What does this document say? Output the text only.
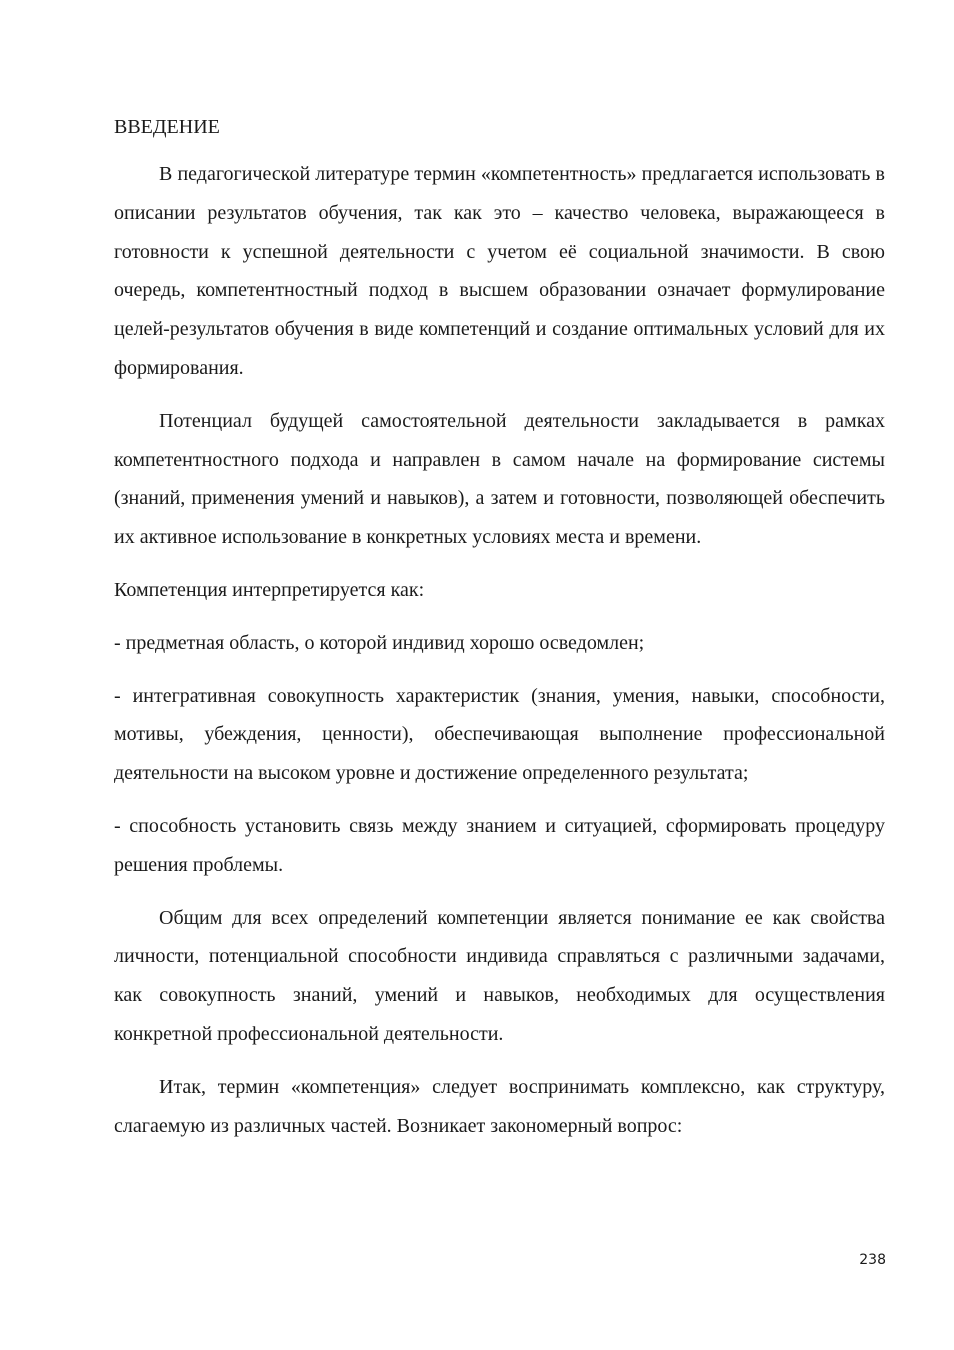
ВВЕДЕНИЕ

В педагогической литературе термин «компетентность» предлагается использовать в описании результатов обучения, так как это – качество человека, выражающееся в готовности к успешной деятельности с учетом её социальной значимости. В свою очередь, компетентностный подход в высшем образовании означает формулирование целей-результатов обучения в виде компетенций и создание оптимальных условий для их формирования.

Потенциал будущей самостоятельной деятельности закладывается в рамках компетентностного подхода и направлен в самом начале на формирование системы (знаний, применения умений и навыков), а затем и готовности, позволяющей обеспечить их активное использование в конкретных условиях места и времени.

Компетенция интерпретируется как:

- предметная область, о которой индивид хорошо осведомлен;

- интегративная совокупность характеристик (знания, умения, навыки, способности, мотивы, убеждения, ценности), обеспечивающая выполнение профессиональной деятельности на высоком уровне и достижение определенного результата;

- способность установить связь между знанием и ситуацией, сформировать процедуру решения проблемы.

Общим для всех определений компетенции является понимание ее как свойства личности, потенциальной способности индивида справляться с различными задачами, как совокупность знаний, умений и навыков, необходимых для осуществления конкретной профессиональной деятельности.

Итак, термин «компетенция» следует воспринимать комплексно, как структуру, слагаемую из различных частей. Возникает закономерный вопрос:

238
